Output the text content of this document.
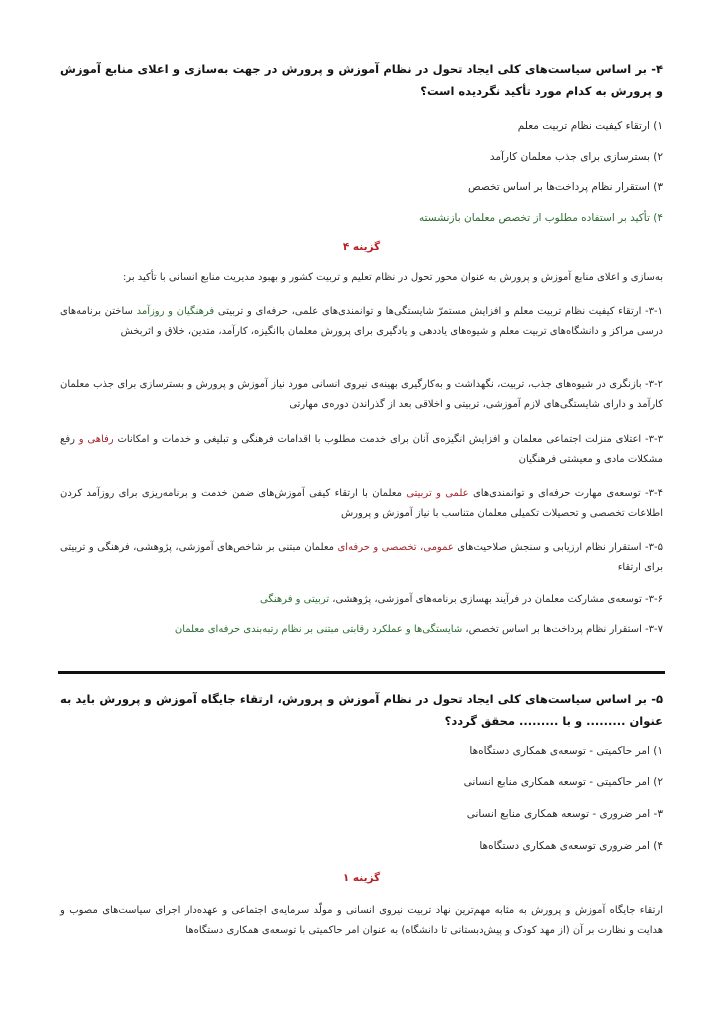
۴- بر اساس سیاست‌های کلی ایجاد تحول در نظام آموزش و پرورش در جهت به‌سازی و اعلای منابع آموزش و پرورش به کدام مورد تأکید نگردیده است؟
۱) ارتقاء کیفیت نظام تربیت معلم
۲) بسترسازی برای جذب معلمان کارآمد
۳) استقرار نظام پرداخت‌ها بر اساس تخصص
۴) تأکید بر استفاده مطلوب از تخصص معلمان بازنشسته
گزینه ۴
به‌سازی و اعلای منابع آموزش و پرورش به عنوان محور تحول در نظام تعلیم و تربیت کشور و بهبود مدیریت منابع انسانی با تأکید بر:
۳-۱- ارتقاء کیفیت نظام تربیت معلم و افزایش مستمرّ شایستگی‌ها و توانمندی‌های علمی، حرفه‌ای و تربیتی فرهنگیان و روزآمد ساختن برنامه‌های درسی مراکز و دانشگاه‌های تربیت معلم و شیوه‌های یاددهی و یادگیری برای پرورش معلمان باانگیزه، کارآمد، متدین، خلاق و اثربخش
۳-۲- بازنگری در شیوه‌های جذب، تربیت، نگهداشت و به‌کارگیری بهینه‌ی نیروی انسانی مورد نیاز آموزش و پرورش و بسترسازی برای جذب معلمان کارآمد و دارای شایستگی‌های لازم آموزشی، تربیتی و اخلاقی بعد از گذراندن دوره‌ی مهارتی
۳-۳- اعتلای منزلت اجتماعی معلمان و افزایش انگیزه‌ی آنان برای خدمت مطلوب با اقدامات فرهنگی و تبلیغی و خدمات و امکانات رفاهی و رفع مشکلات مادی و معیشتی فرهنگیان
۳-۴- توسعه‌ی مهارت حرفه‌ای و توانمندی‌های علمی و تربیتی معلمان با ارتقاء کیفی آموزش‌های ضمن خدمت و برنامه‌ریزی برای روزآمد کردن اطلاعات تخصصی و تحصیلات تکمیلی معلمان متناسب با نیاز آموزش و پرورش
۳-۵- استقرار نظام ارزیابی و سنجش صلاحیت‌های عمومی، تخصصی و حرفه‌ای معلمان مبتنی بر شاخص‌های آموزشی، پژوهشی، فرهنگی و تربیتی برای ارتقاء
۳-۶- توسعه‌ی مشارکت معلمان در فرآیند بهسازی برنامه‌های آموزشی، پژوهشی، تربیتی و فرهنگی
۳-۷- استقرار نظام پرداخت‌ها بر اساس تخصص، شایستگی‌ها و عملکرد رقابتی مبتنی بر نظام رتبه‌بندی حرفه‌ای معلمان
۵- بر اساس سیاست‌های کلی ایجاد تحول در نظام آموزش و پرورش، ارتقاء جایگاه آموزش و پرورش باید به عنوان ......... و با ......... محقق گردد؟
۱) امر حاکمیتی - توسعه‌ی همکاری دستگاه‌ها
۲) امر حاکمیتی - توسعه همکاری منابع انسانی
۳- امر ضروری - توسعه همکاری منابع انسانی
۴) امر ضروری توسعه‌ی همکاری دستگاه‌ها
گزینه ۱
ارتقاء جایگاه آموزش و پرورش به مثابه مهم‌ترین نهاد تربیت نیروی انسانی و مولّد سرمایه‌ی اجتماعی و عهده‌دار اجرای سیاست‌های مصوب و هدایت و نظارت بر آن (از مهد کودک و پیش‌دبستانی تا دانشگاه) به عنوان امر حاکمیتی با توسعه‌ی همکاری دستگاه‌ها
